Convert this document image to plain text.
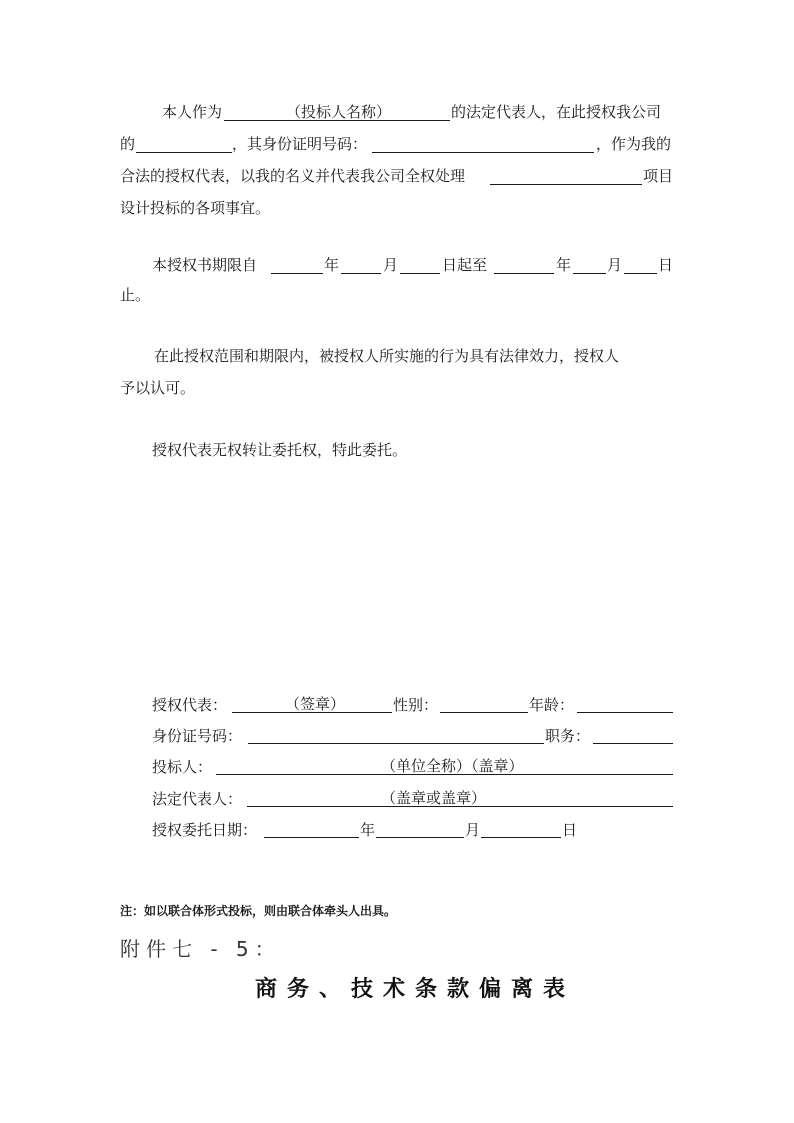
本人作为	（投标人名称）	的法定代表人，在此授权我公司
的	，其身份证明号码：	，作为我的
合法的授权代表，以我的名义并代表我公司全权处理	项目
设计投标的各项事宜。
本授权书期限自	年	月	日起至	年 月 日
止。
在此授权范围和期限内，被授权人所实施的行为具有法律效力，授权人
予以认可。
授权代表无权转让委托权，特此委托。
授权代表：	（签章）	性别：	年龄：
身份证号码：	职务：
投标人：	（单位全称）（盖章）
法定代表人：	（盖章或盖章）
授权委托日期：	年	月	日
注：如以联合体形式投标，则由联合体牵头人出具。
附件七 - 5：
商务、技术条款偏离表
